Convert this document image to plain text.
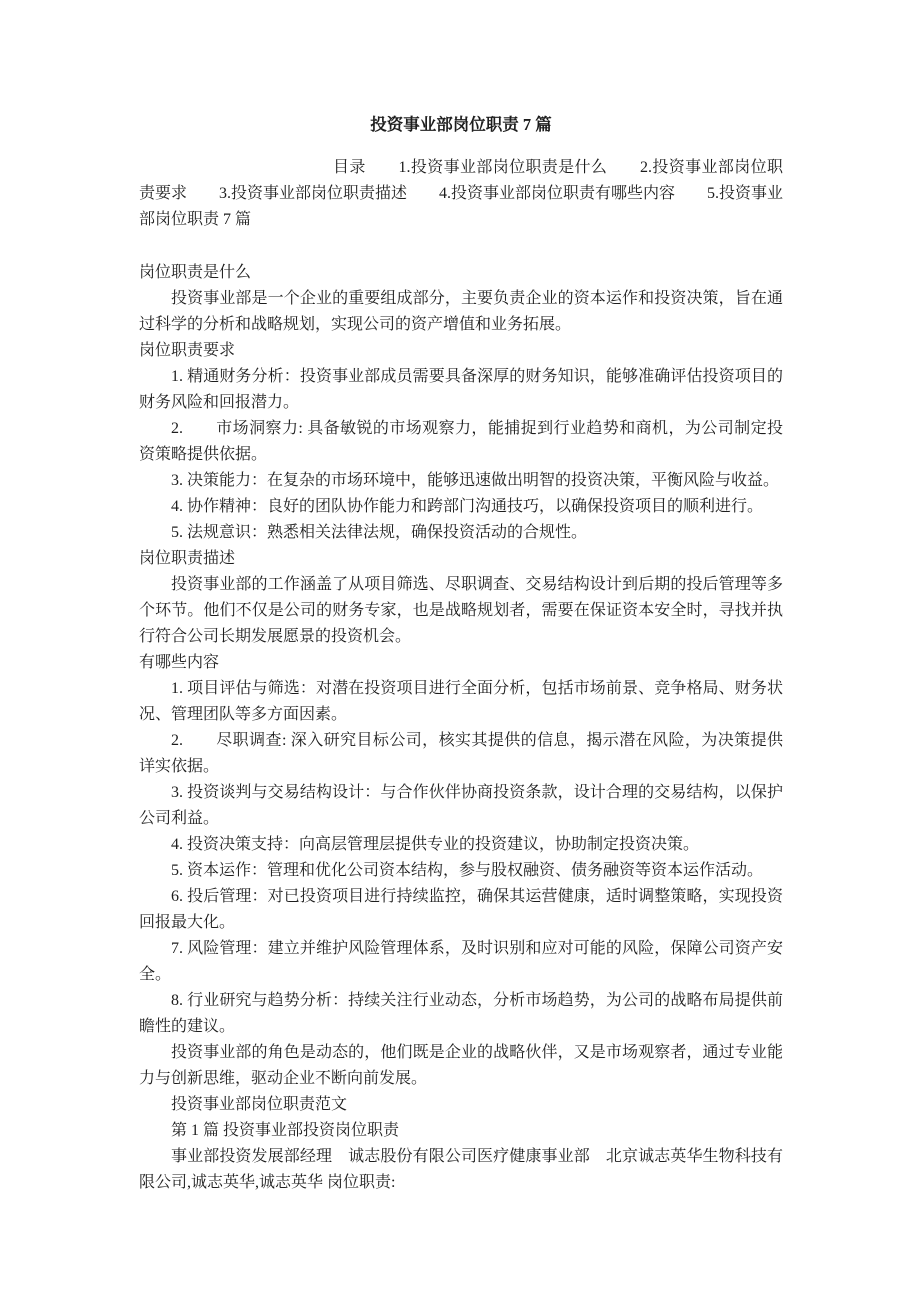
投资事业部岗位职责 7 篇
目录　　1.投资事业部岗位职责是什么　　2.投资事业部岗位职责要求　　3.投资事业部岗位职责描述　　4.投资事业部岗位职责有哪些内容　　5.投资事业部岗位职责 7 篇
岗位职责是什么
投资事业部是一个企业的重要组成部分，主要负责企业的资本运作和投资决策，旨在通过科学的分析和战略规划，实现公司的资产增值和业务拓展。
岗位职责要求
1. 精通财务分析：投资事业部成员需要具备深厚的财务知识，能够准确评估投资项目的财务风险和回报潜力。
2.　　市场洞察力: 具备敏锐的市场观察力，能捕捉到行业趋势和商机，为公司制定投资策略提供依据。
3. 决策能力：在复杂的市场环境中，能够迅速做出明智的投资决策，平衡风险与收益。
4. 协作精神：良好的团队协作能力和跨部门沟通技巧，以确保投资项目的顺利进行。
5. 法规意识：熟悉相关法律法规，确保投资活动的合规性。
岗位职责描述
投资事业部的工作涵盖了从项目筛选、尽职调查、交易结构设计到后期的投后管理等多个环节。他们不仅是公司的财务专家，也是战略规划者，需要在保证资本安全时，寻找并执行符合公司长期发展愿景的投资机会。
有哪些内容
1. 项目评估与筛选：对潜在投资项目进行全面分析，包括市场前景、竞争格局、财务状况、管理团队等多方面因素。
2.　　尽职调查: 深入研究目标公司，核实其提供的信息，揭示潜在风险，为决策提供详实依据。
3. 投资谈判与交易结构设计：与合作伙伴协商投资条款，设计合理的交易结构，以保护公司利益。
4. 投资决策支持：向高层管理层提供专业的投资建议，协助制定投资决策。
5. 资本运作：管理和优化公司资本结构，参与股权融资、债务融资等资本运作活动。
6. 投后管理：对已投资项目进行持续监控，确保其运营健康，适时调整策略，实现投资回报最大化。
7. 风险管理：建立并维护风险管理体系，及时识别和应对可能的风险，保障公司资产安全。
8. 行业研究与趋势分析：持续关注行业动态，分析市场趋势，为公司的战略布局提供前瞻性的建议。
投资事业部的角色是动态的，他们既是企业的战略伙伴，又是市场观察者，通过专业能力与创新思维，驱动企业不断向前发展。
投资事业部岗位职责范文
第 1 篇 投资事业部投资岗位职责
事业部投资发展部经理　诚志股份有限公司医疗健康事业部　北京诚志英华生物科技有限公司,诚志英华,诚志英华 岗位职责:
